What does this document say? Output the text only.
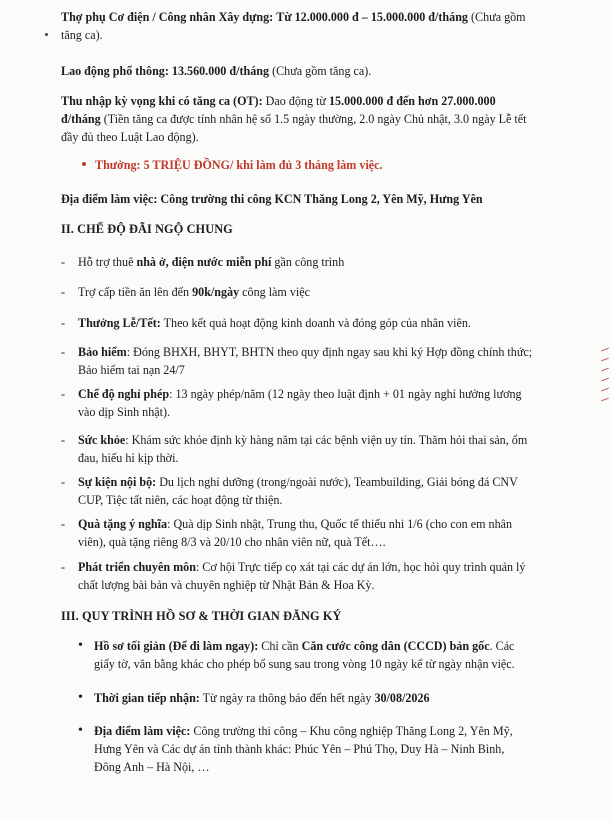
Thợ phụ Cơ điện / Công nhân Xây dựng: Từ 12.000.000 đ – 15.000.000 đ/tháng (Chưa gồm

tăng ca).

Lao động phổ thông: 13.560.000 đ/tháng (Chưa gồm tăng ca).

Thu nhập kỳ vọng khi có tăng ca (OT): Dao động từ 15.000.000 đ đến hơn 27.000.000

đ/tháng (Tiền tăng ca được tính nhân hệ số 1.5 ngày thường, 2.0 ngày Chủ nhật, 3.0 ngày Lễ tết

đầy đủ theo Luật Lao động).

Thưởng: 5 TRIỆU ĐỒNG/ khi làm đủ 3 tháng làm việc.

Địa điểm làm việc: Công trường thi công KCN Thăng Long 2, Yên Mỹ, Hưng Yên

II. CHẾ ĐỘ ĐÃI NGỘ CHUNG

-	Hỗ trợ thuê nhà ở, điện nước miễn phí gần công trình
-	Trợ cấp tiền ăn lên đến 90k/ngày công làm việc
-	Thưởng Lễ/Tết: Theo kết quả hoạt động kinh doanh và đóng góp của nhân viên.
-	Bảo hiểm: Đóng BHXH, BHYT, BHTN theo quy định ngay sau khi ký Hợp đồng chính thức;
Bảo hiểm tai nạn 24/7
-	Chế độ nghỉ phép: 13 ngày phép/năm (12 ngày theo luật định + 01 ngày nghỉ hưởng lương
vào dịp Sinh nhật).
-	Sức khỏe: Khám sức khỏe định kỳ hàng năm tại các bệnh viện uy tín. Thăm hỏi thai sản, ốm
đau, hiếu hỉ kịp thời.
-	Sự kiện nội bộ: Du lịch nghỉ dưỡng (trong/ngoài nước), Teambuilding, Giải bóng đá CNV
CUP, Tiệc tất niên, các hoạt động từ thiện.
-	Quà tặng ý nghĩa: Quà dịp Sinh nhật, Trung thu, Quốc tế thiếu nhi 1/6 (cho con em nhân
viên), quà tặng riêng 8/3 và 20/10 cho nhân viên nữ, quà Tết….
-	Phát triển chuyên môn: Cơ hội Trực tiếp cọ xát tại các dự án lớn, học hỏi quy trình quản lý
chất lượng bài bản và chuyên nghiệp từ Nhật Bản & Hoa Kỳ.

III. QUY TRÌNH HỒ SƠ & THỜI GIAN ĐĂNG KÝ

• Hồ sơ tối giản (Để đi làm ngay): Chỉ cần Căn cước công dân (CCCD) bản gốc. Các
giấy tờ, văn bằng khác cho phép bổ sung sau trong vòng 10 ngày kể từ ngày nhận việc.
• Thời gian tiếp nhận: Từ ngày ra thông báo đến hết ngày 30/08/2026
• Địa điểm làm việc: Công trường thi công – Khu công nghiệp Thăng Long 2, Yên Mỹ,
Hưng Yên và Các dự án tỉnh thành khác: Phúc Yên – Phú Thọ, Duy Hà – Ninh Bình,
Đông Anh – Hà Nội, …
